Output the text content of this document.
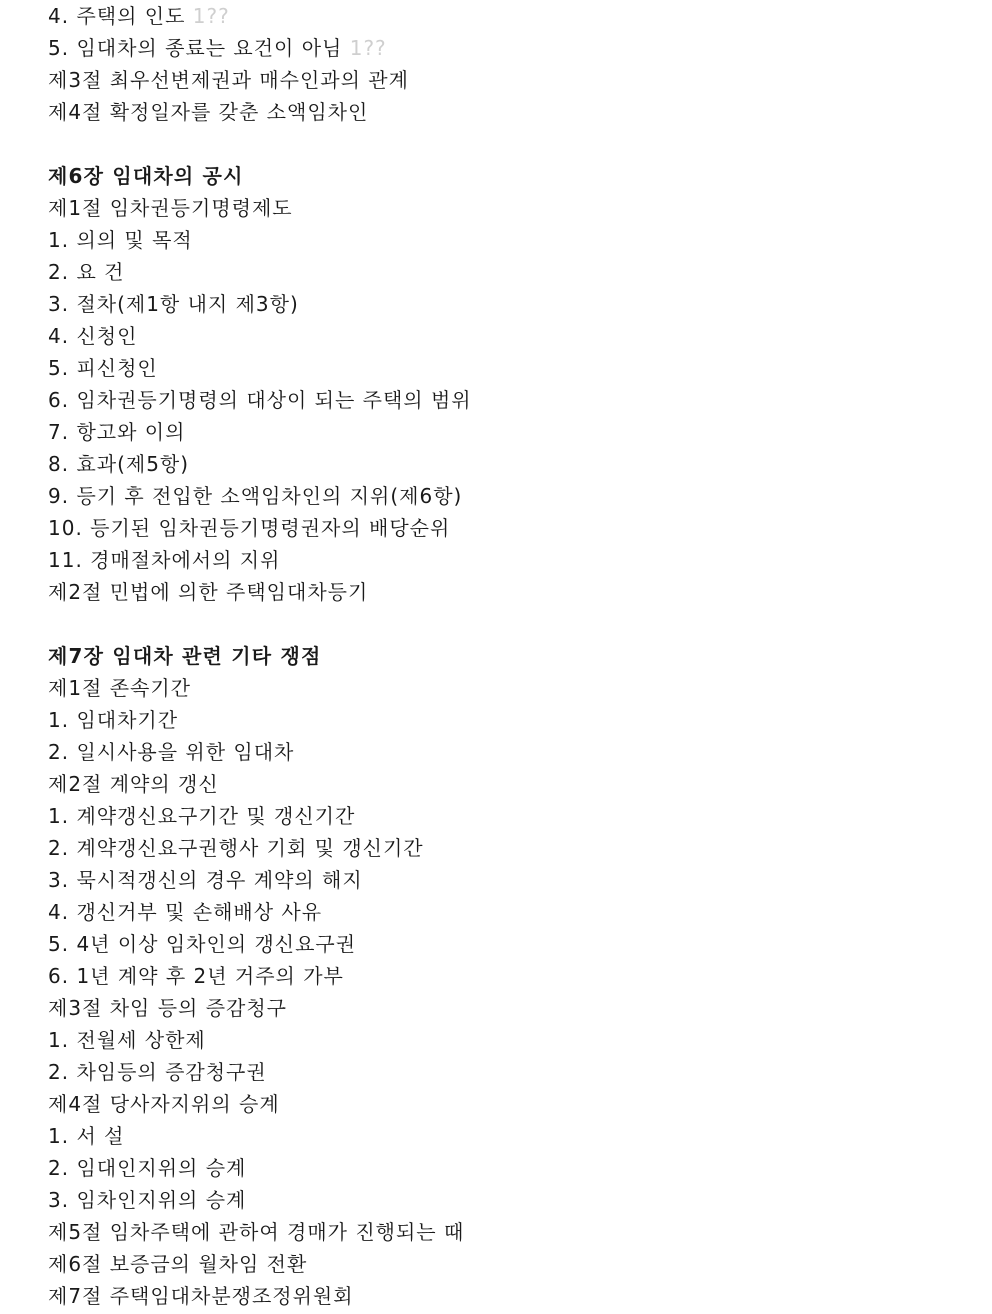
4. 주택의 인도 1??
5. 임대차의 종료는 요건이 아님 1??
제3절 최우선변제권과 매수인과의 관계
제4절 확정일자를 갖춘 소액임차인
제6장 임대차의 공시
제1절 임차권등기명령제도
1. 의의 및 목적
2. 요 건
3. 절차(제1항 내지 제3항)
4. 신청인
5. 피신청인
6. 임차권등기명령의 대상이 되는 주택의 범위
7. 항고와 이의
8. 효과(제5항)
9. 등기 후 전입한 소액임차인의 지위(제6항)
10. 등기된 임차권등기명령권자의 배당순위
11. 경매절차에서의 지위
제2절 민법에 의한 주택임대차등기
제7장 임대차 관련 기타 쟁점
제1절 존속기간
1. 임대차기간
2. 일시사용을 위한 임대차
제2절 계약의 갱신
1. 계약갱신요구기간 및 갱신기간
2. 계약갱신요구권행사 기회 및 갱신기간
3. 묵시적갱신의 경우 계약의 해지
4. 갱신거부 및 손해배상 사유
5. 4년 이상 임차인의 갱신요구권
6. 1년 계약 후 2년 거주의 가부
제3절 차임 등의 증감청구
1. 전월세 상한제
2. 차임등의 증감청구권
제4절 당사자지위의 승계
1. 서 설
2. 임대인지위의 승계
3. 임차인지위의 승계
제5절 임차주택에 관하여 경매가 진행되는 때
제6절 보증금의 월차임 전환
제7절 주택임대차분쟁조정위원회
